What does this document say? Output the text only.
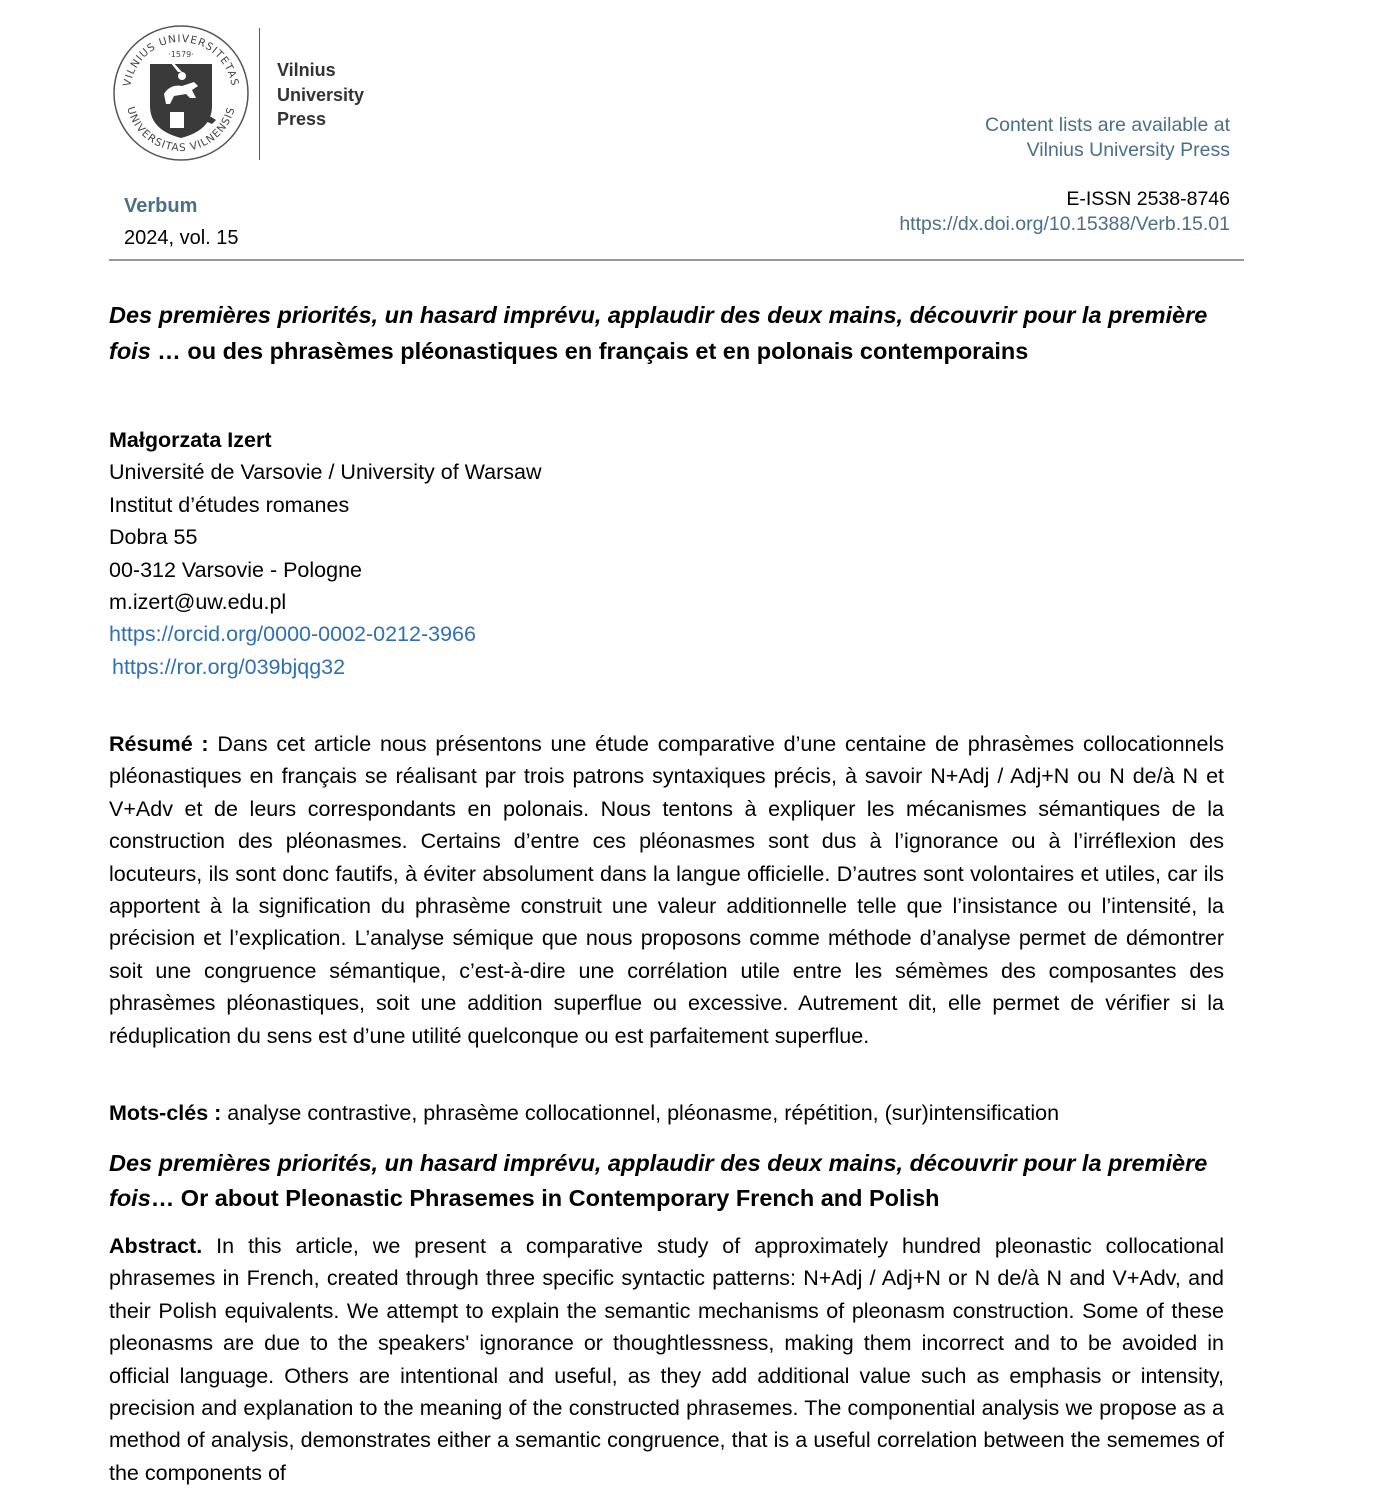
VILNIUS UNIVERSITETAS
UNIVERSITAS VILNENSIS
·1579·
Vilnius
University
Press	Content lists are available at
Vilnius University Press
Verbum
2024, vol. 15
E-ISSN 2538-8746
https://dx.doi.org/10.15388/Verb.15.01
Des premières priorités, un hasard imprévu, applaudir des deux mains, découvrir pour la première fois … ou des phrasèmes pléonastiques en français et en polonais contemporains
Małgorzata Izert
Université de Varsovie / University of Warsaw
Institut d’études romanes
Dobra 55
00-312 Varsovie - Pologne
m.izert@uw.edu.pl
https://orcid.org/0000-0002-0212-3966
https://ror.org/039bjqg32
Résumé : Dans cet article nous présentons une étude comparative d’une centaine de phrasèmes collocationnels pléonastiques en français se réalisant par trois patrons syntaxiques précis, à savoir N+Adj / Adj+N ou N de/à N et V+Adv et de leurs correspondants en polonais. Nous tentons à expliquer les mécanismes sémantiques de la construction des pléonasmes. Certains d’entre ces pléonasmes sont dus à l’ignorance ou à l’irréflexion des locuteurs, ils sont donc fautifs, à éviter absolument dans la langue officielle. D’autres sont volontaires et utiles, car ils apportent à la signification du phrasème construit une valeur additionnelle telle que l’insistance ou l’intensité, la précision et l’explication. L’analyse sémique que nous proposons comme méthode d’analyse permet de démontrer soit une congruence sémantique, c’est-à-dire une corrélation utile entre les sémèmes des composantes des phrasèmes pléonastiques, soit une addition superflue ou excessive. Autrement dit, elle permet de vérifier si la réduplication du sens est d’une utilité quelconque ou est parfaitement superflue.
Mots-clés : analyse contrastive, phrasème collocationnel, pléonasme, répétition, (sur)intensification
Des premières priorités, un hasard imprévu, applaudir des deux mains, découvrir pour la première fois… Or about Pleonastic Phrasemes in Contemporary French and Polish
Abstract. In this article, we present a comparative study of approximately hundred pleonastic collocational phrasemes in French, created through three specific syntactic patterns: N+Adj / Adj+N or N de/à N and V+Adv, and their Polish equivalents. We attempt to explain the semantic mechanisms of pleonasm construction. Some of these pleonasms are due to the speakers' ignorance or thoughtlessness, making them incorrect and to be avoided in official language. Others are intentional and useful, as they add additional value such as emphasis or intensity, precision and explanation to the meaning of the constructed phrasemes. The componential analysis we propose as a method of analysis, demonstrates either a semantic congruence, that is a useful correlation between the sememes of the components of
